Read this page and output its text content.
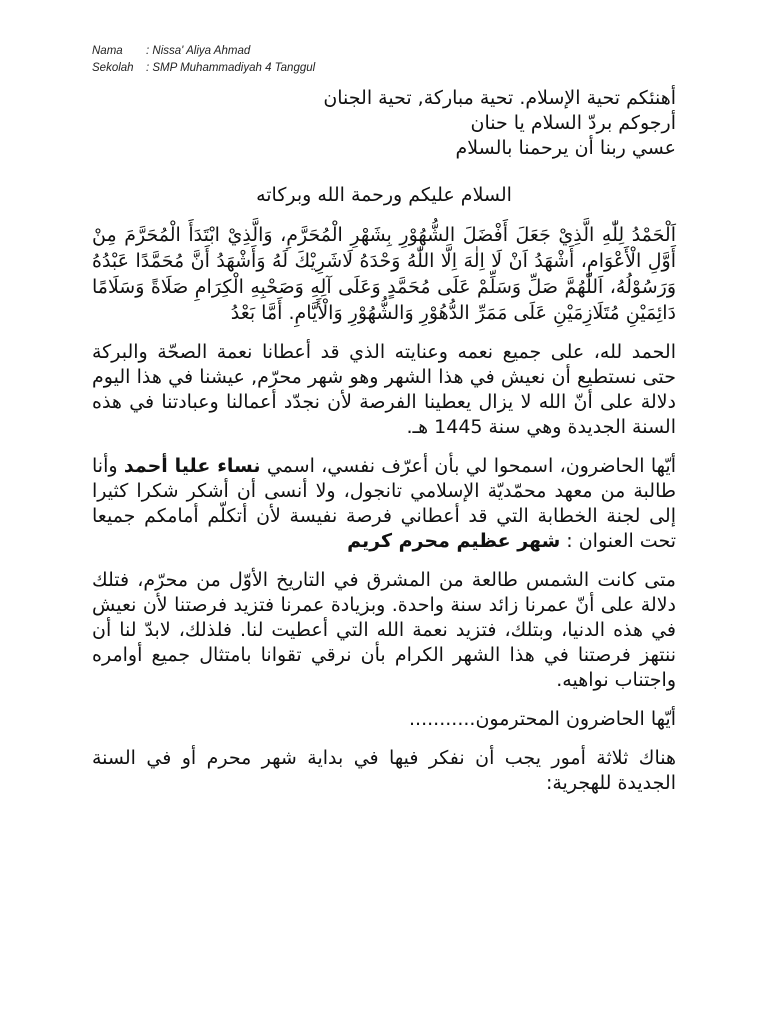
Nama	: Nissa' Aliya Ahmad
Sekolah	: SMP Muhammadiyah 4 Tanggul

أهنئكم تحية الإسلام. تحية مباركة, تحية الجنان

أرجوكم بردّ السلام يا حنان

عسي ربنا أن يرحمنا بالسلام

السلام عليكم ورحمة الله وبركاته

اَلْحَمْدُ لِلّٰهِ الَّذِيْ جَعَلَ أَفْضَلَ الشُّهُوْرِ بِشَهْرِ الْمُحَرَّمِ، وَالَّذِيْ ابْتَدَأَ الْمُحَرَّمَ مِنْ أَوَّلِ الْأَعْوَامِ، أَشْهَدُ اَنْ لَا اِلٰهَ اِلَّا اللّٰهُ وَحْدَهُ لَاشَرِيْكَ لَهُ وَأَشْهَدُ أَنَّ مُحَمَّدًا عَبْدُهُ وَرَسُوْلُهُ، اَللّٰهُمَّ صَلِّ وَسَلِّمْ عَلَى مُحَمَّدٍ وَعَلَى آلِهِ وَصَحْبِهِ الْكِرَامِ صَلَاةً وَسَلَامًا دَائِمَيْنِ مُتَلَازِمَيْنِ عَلَى مَمَرِّ الدُّهُوْرِ وَالشُّهُوْرِ وَالْأَيَّامِ. أَمَّا بَعْدُ

الحمد لله، على جميع نعمه وعنايته الذي قد أعطانا نعمة الصحّة والبركة حتى نستطيع أن نعيش في هذا الشهر وهو شهر محرّم, عيشنا في هذا اليوم دلالة على أنّ الله لا يزال يعطينا الفرصة لأن نجدّد أعمالنا وعبادتنا في هذه السنة الجديدة وهي سنة 1445 هـ.

أيّها الحاضرون، اسمحوا لي بأن أعرّف نفسي، اسمي نساء عليا أحمد وأنا طالبة من معهد محمّديّة الإسلامي تانجول، ولا أنسى أن أشكر شكرا كثيرا إلى لجنة الخطابة التي قد أعطاني فرصة نفيسة لأن أتكلّم أمامكم جميعا تحت العنوان : شهر عظيم محرم كريم

متى كانت الشمس طالعة من المشرق في التاريخ الأوّل من محرّم، فتلك دلالة على أنّ عمرنا زائد سنة واحدة. وبزيادة عمرنا فتزيد فرصتنا لأن نعيش في هذه الدنيا، وبتلك، فتزيد نعمة الله التي أعطيت لنا. فلذلك، لابدّ لنا أن ننتهز فرصتنا في هذا الشهر الكرام بأن نرقي تقوانا بامتثال جميع أوامره واجتناب نواهيه.

أيّها الحاضرون المحترمون...........

هناك ثلاثة أمور يجب أن نفكر فيها في بداية شهر محرم أو في السنة الجديدة للهجرية:
